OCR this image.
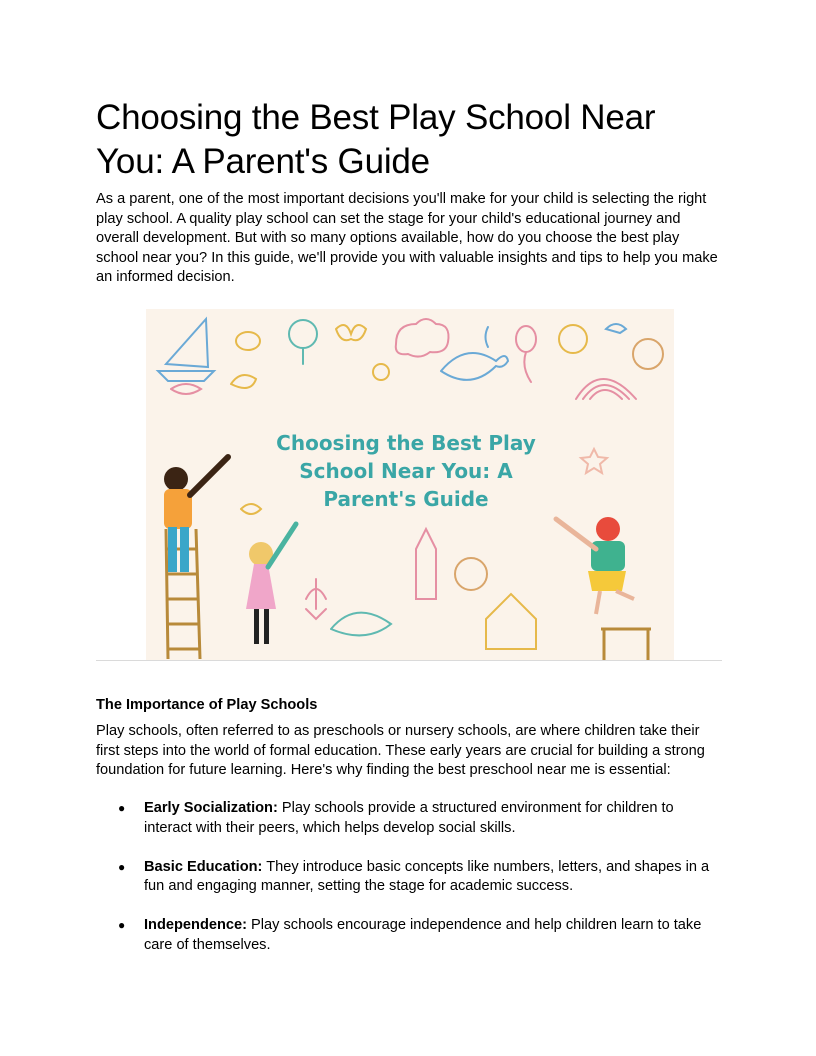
Choosing the Best Play School Near You: A Parent's Guide

As a parent, one of the most important decisions you'll make for your child is selecting the right play school. A quality play school can set the stage for your child's educational journey and overall development. But with so many options available, how do you choose the best play school near you? In this guide, we'll provide you with valuable insights and tips to help you make an informed decision.

Choosing the Best Play
School Near You: A
Parent's Guide
The Importance of Play Schools

Play schools, often referred to as preschools or nursery schools, are where children take their first steps into the world of formal education. These early years are crucial for building a strong foundation for future learning. Here's why finding the best preschool near me is essential:

● Early Socialization: Play schools provide a structured environment for children to interact with their peers, which helps develop social skills.
● Basic Education: They introduce basic concepts like numbers, letters, and shapes in a fun and engaging manner, setting the stage for academic success.
● Independence: Play schools encourage independence and help children learn to take care of themselves.
